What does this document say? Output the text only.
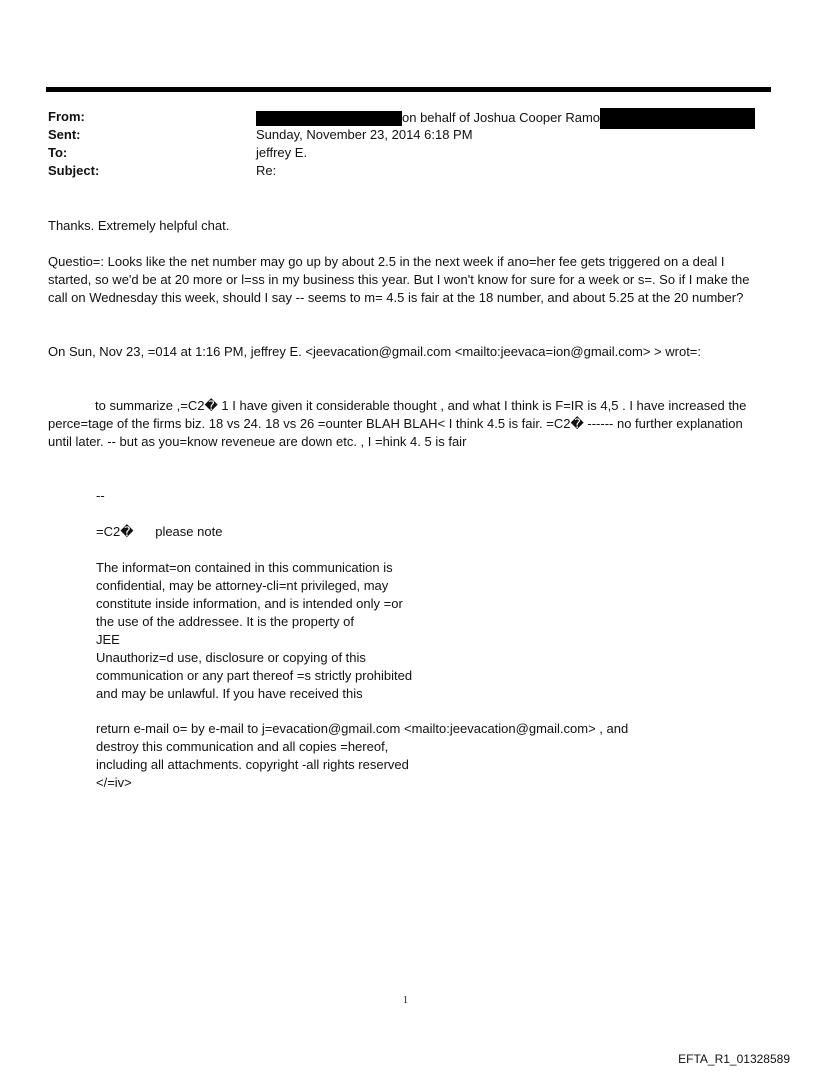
From:	on behalf of Joshua Cooper Ramo
Sent:	Sunday, November 23, 2014 6:18 PM
To:	jeffrey E.
Subject:	Re:

Thanks. Extremely helpful chat.

Questio=: Looks like the net number may go up by about 2.5 in the next week if ano=her fee gets triggered on a deal I started, so we'd be at 20 more or l=ss in my business this year. But I won't know for sure for a week or s=. So if I make the call on Wednesday this week, should I say -- seems to m= 4.5 is fair at the 18 number, and about 5.25 at the 20 number?

On Sun, Nov 23, =014 at 1:16 PM, jeffrey E. <jeevacation@gmail.com <mailto:jeevaca=ion@gmail.com> > wrot=:

to summarize ,=C2� 1 I have given it considerable thought , and what I think is F=IR is 4,5 . I have increased the perce=tage of the firms biz. 18 vs 24. 18 vs 26 =ounter BLAH BLAH< I think 4.5 is fair. =C2� ------ no further explanation until later. -- but as you=know reveneue are down etc. , I =hink 4. 5 is fair

--

=C2�      please note

The informat=on contained in this communication is
confidential, may be attorney-cli=nt privileged, may
constitute inside information, and is intended only =or
the use of the addressee. It is the property of
JEE
Unauthoriz=d use, disclosure or copying of this
communication or any part thereof =s strictly prohibited
and may be unlawful. If you have received this
return e-mail o= by e-mail to j=evacation@gmail.com <mailto:jeevacation@gmail.com> , and
destroy this communication and all copies =hereof,
including all attachments. copyright -all rights reserved
</=iv>
1
EFTA_R1_01328589
